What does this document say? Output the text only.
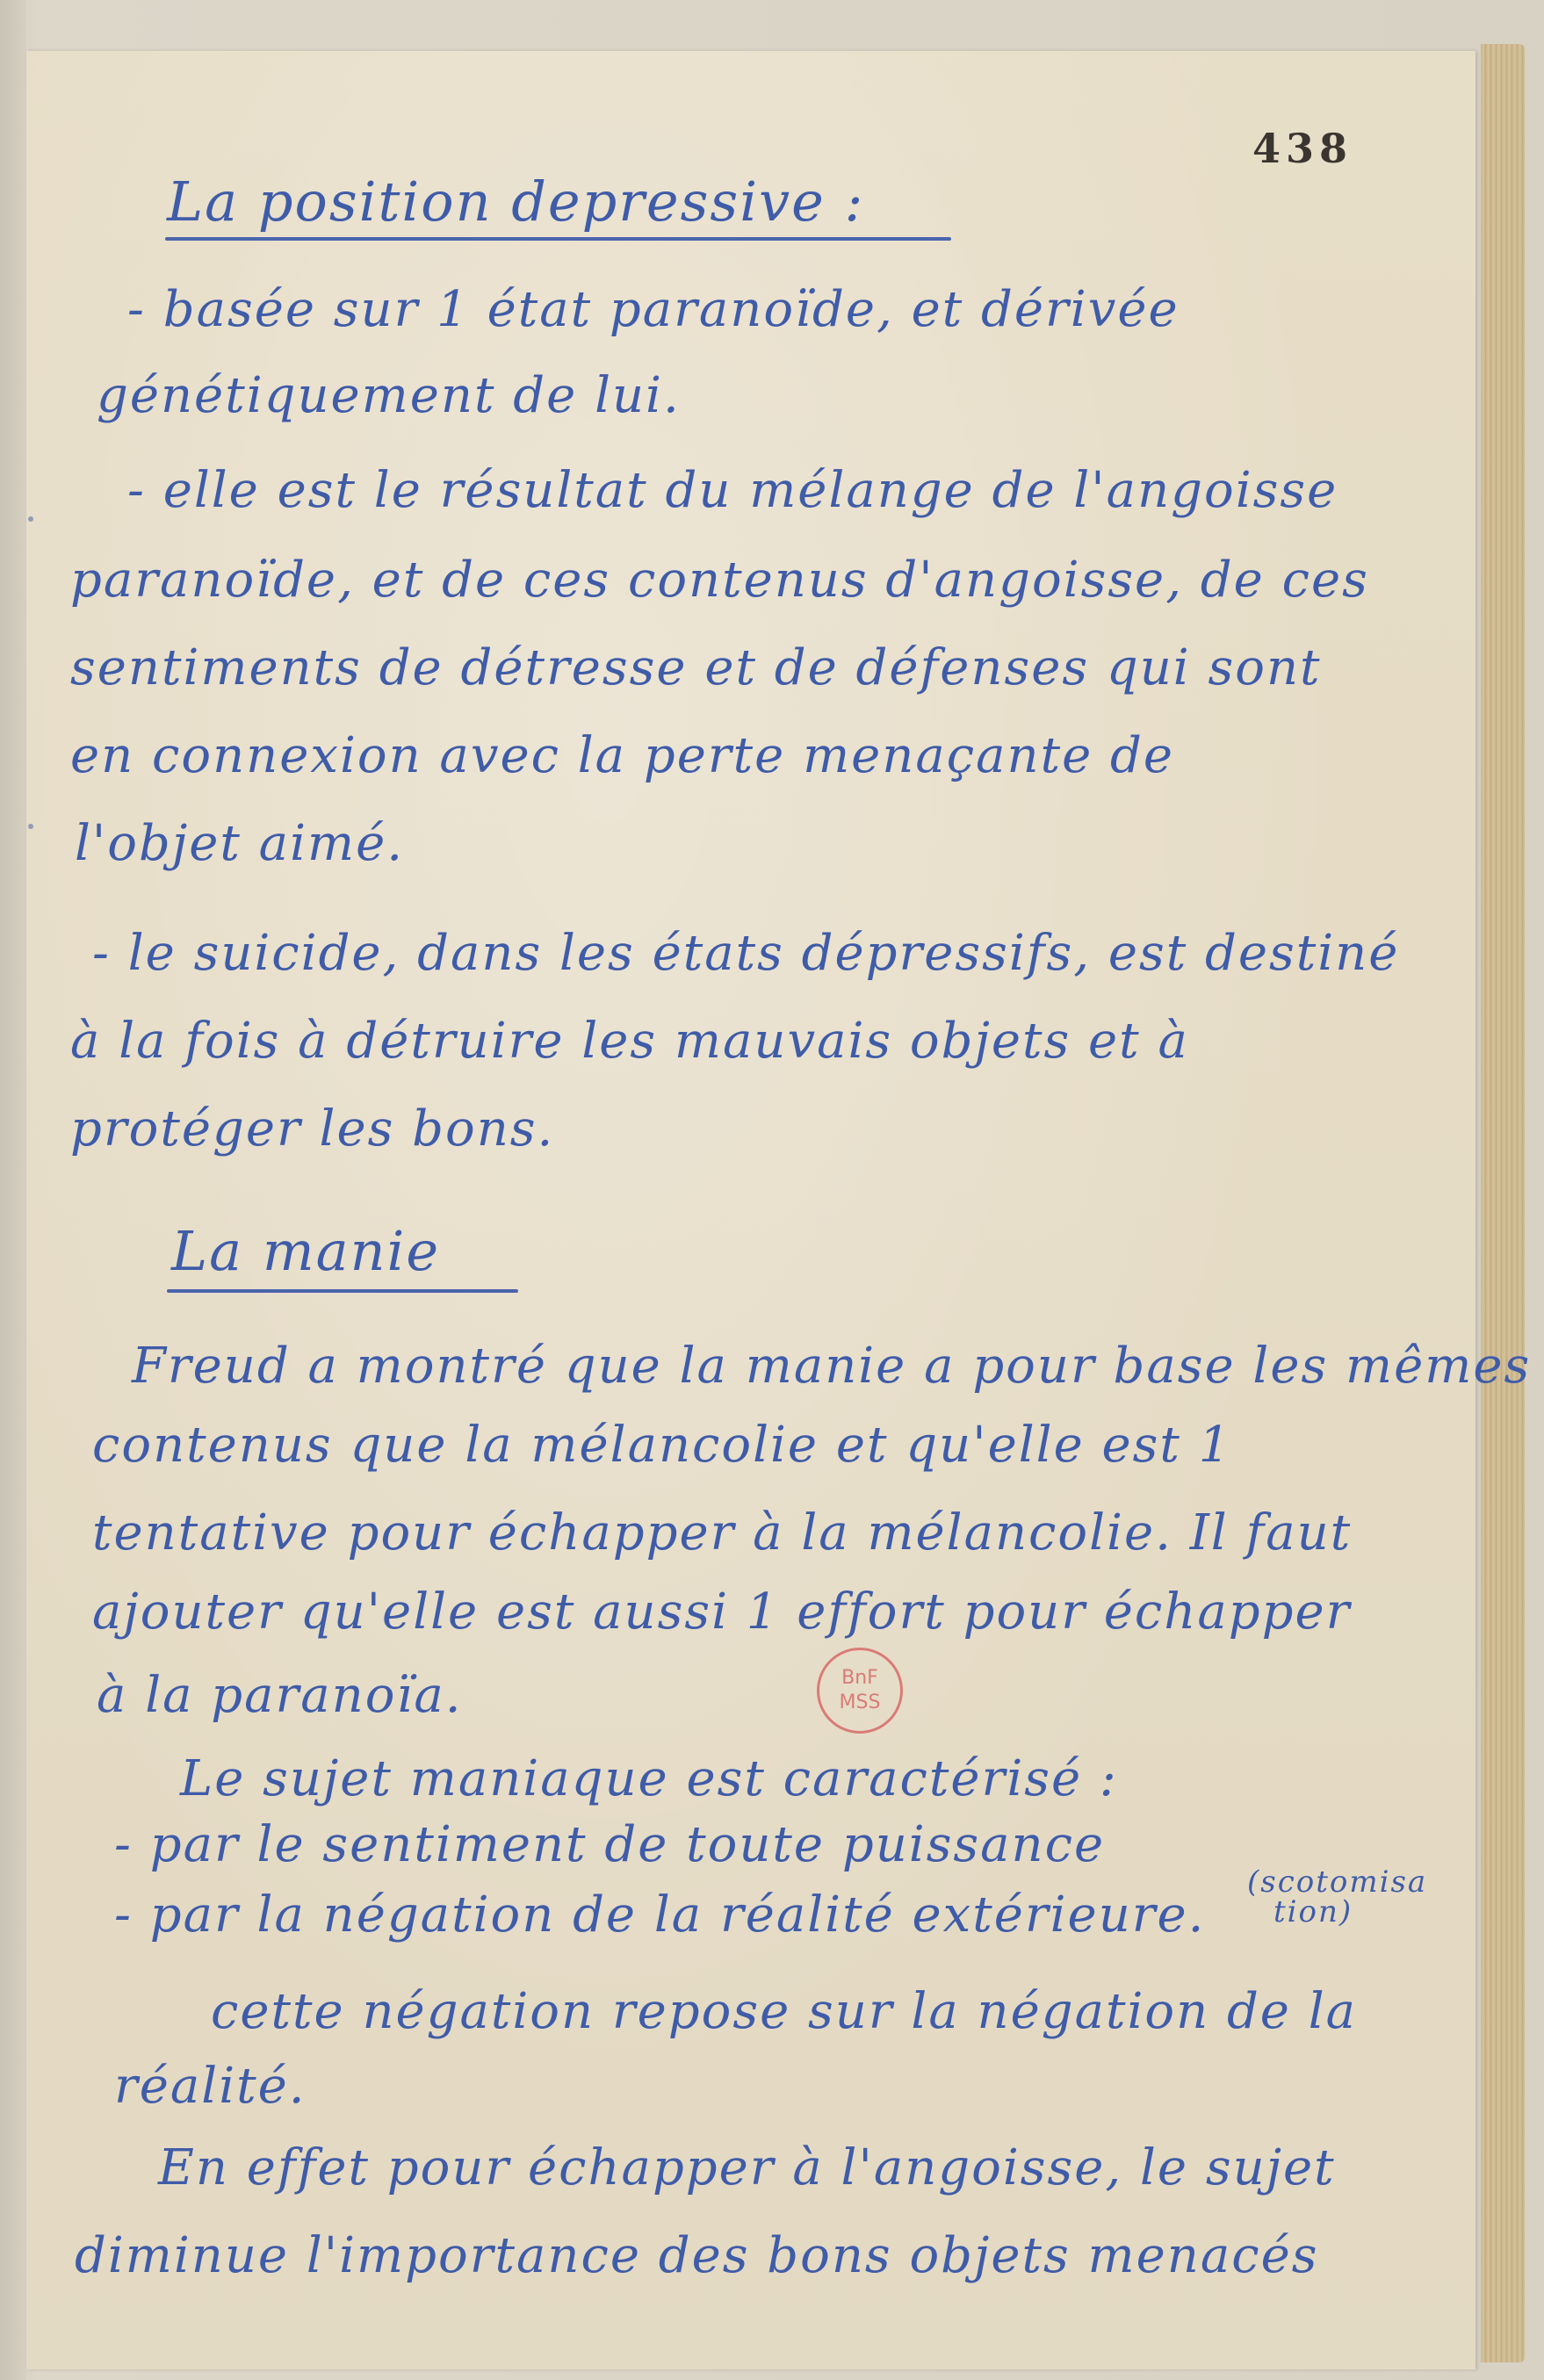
438
La position depressive :
- basée sur 1 état paranoïde, et dérivée
génétiquement de lui.
- elle est le résultat du mélange de l'angoisse
paranoïde, et de ces contenus d'angoisse, de ces
sentiments de détresse et de défenses qui sont
en connexion avec la perte menaçante de
l'objet aimé.
- le suicide, dans les états dépressifs, est destiné
à la fois à détruire les mauvais objets et à
protéger les bons.
La manie
Freud a montré que la manie a pour base les mêmes
contenus que la mélancolie et qu'elle est 1
tentative pour échapper à la mélancolie. Il faut
ajouter qu'elle est aussi 1 effort pour échapper
à la paranoïa.
Le sujet maniaque est caractérisé :
- par le sentiment de toute puissance
- par la négation de la réalité extérieure.
(scotomisa
tion)
cette négation repose sur la négation de la
réalité.
En effet pour échapper à l'angoisse, le sujet
diminue l'importance des bons objets menacés
BnF
MSS
